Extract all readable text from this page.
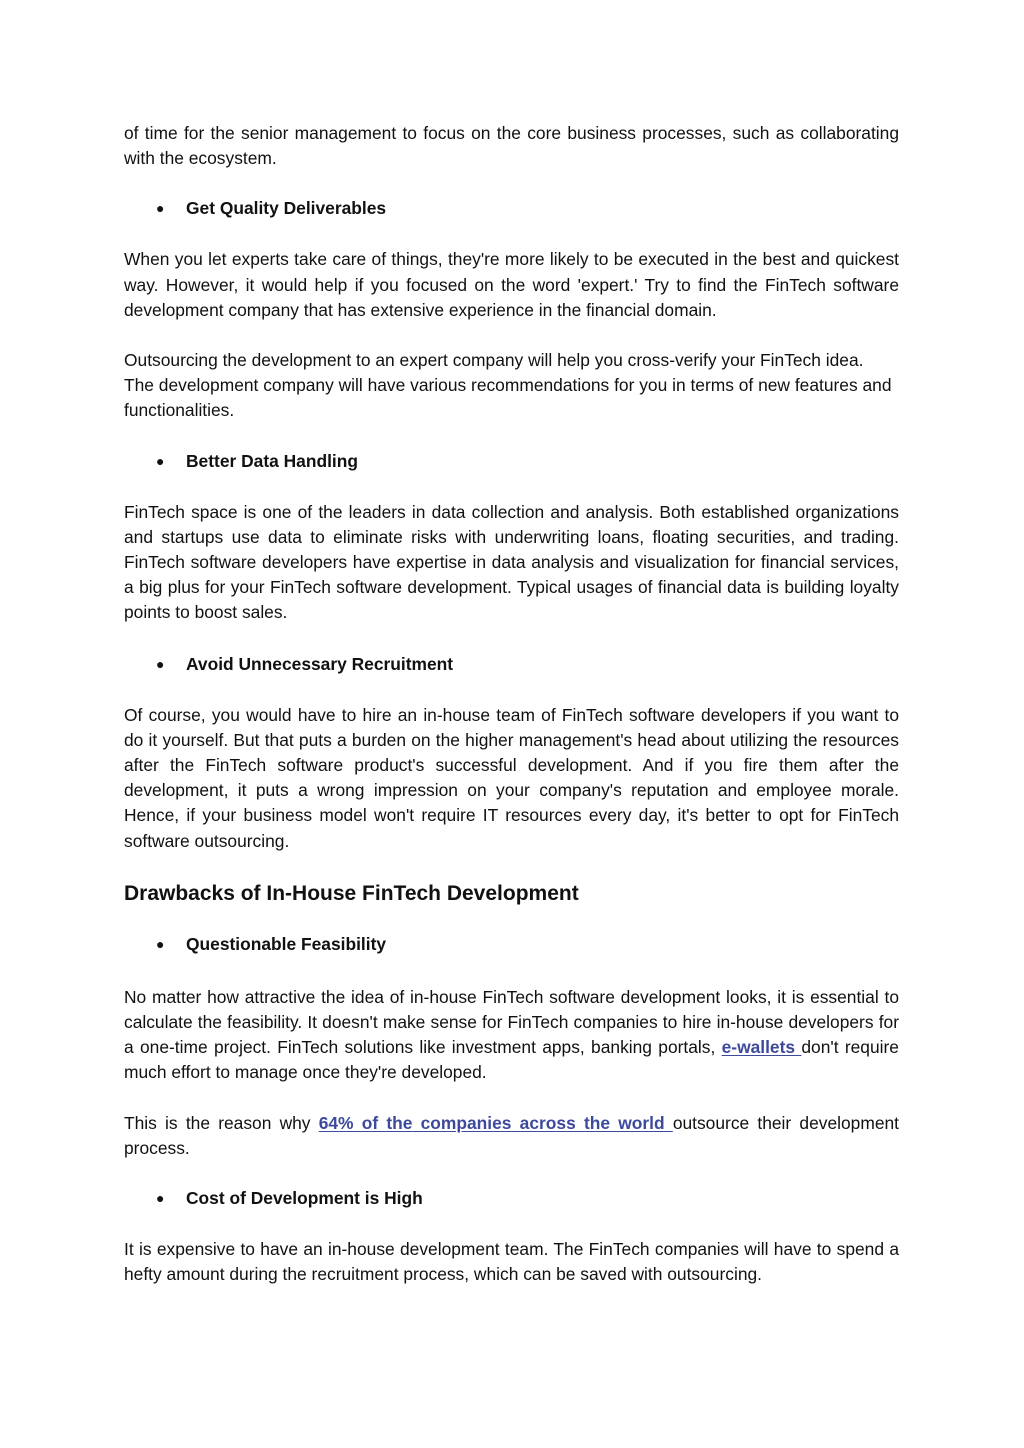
of time for the senior management to focus on the core business processes, such as collaborating with the ecosystem.

● Get Quality Deliverables

When you let experts take care of things, they're more likely to be executed in the best and quickest way. However, it would help if you focused on the word 'expert.' Try to find the FinTech software development company that has extensive experience in the financial domain.

Outsourcing the development to an expert company will help you cross-verify your FinTech idea. The development company will have various recommendations for you in terms of new features and functionalities.

● Better Data Handling

FinTech space is one of the leaders in data collection and analysis. Both established organizations and startups use data to eliminate risks with underwriting loans, floating securities, and trading. FinTech software developers have expertise in data analysis and visualization for financial services, a big plus for your FinTech software development. Typical usages of financial data is building loyalty points to boost sales.

● Avoid Unnecessary Recruitment

Of course, you would have to hire an in-house team of FinTech software developers if you want to do it yourself. But that puts a burden on the higher management's head about utilizing the resources after the FinTech software product's successful development. And if you fire them after the development, it puts a wrong impression on your company's reputation and employee morale. Hence, if your business model won't require IT resources every day, it's better to opt for FinTech software outsourcing.

Drawbacks of In-House FinTech Development

● Questionable Feasibility

No matter how attractive the idea of in-house FinTech software development looks, it is essential to calculate the feasibility. It doesn't make sense for FinTech companies to hire in-house developers for a one-time project. FinTech solutions like investment apps, banking portals, e-wallets don't require much effort to manage once they're developed.

This is the reason why 64% of the companies across the world outsource their development process.

● Cost of Development is High

It is expensive to have an in-house development team. The FinTech companies will have to spend a hefty amount during the recruitment process, which can be saved with outsourcing.
